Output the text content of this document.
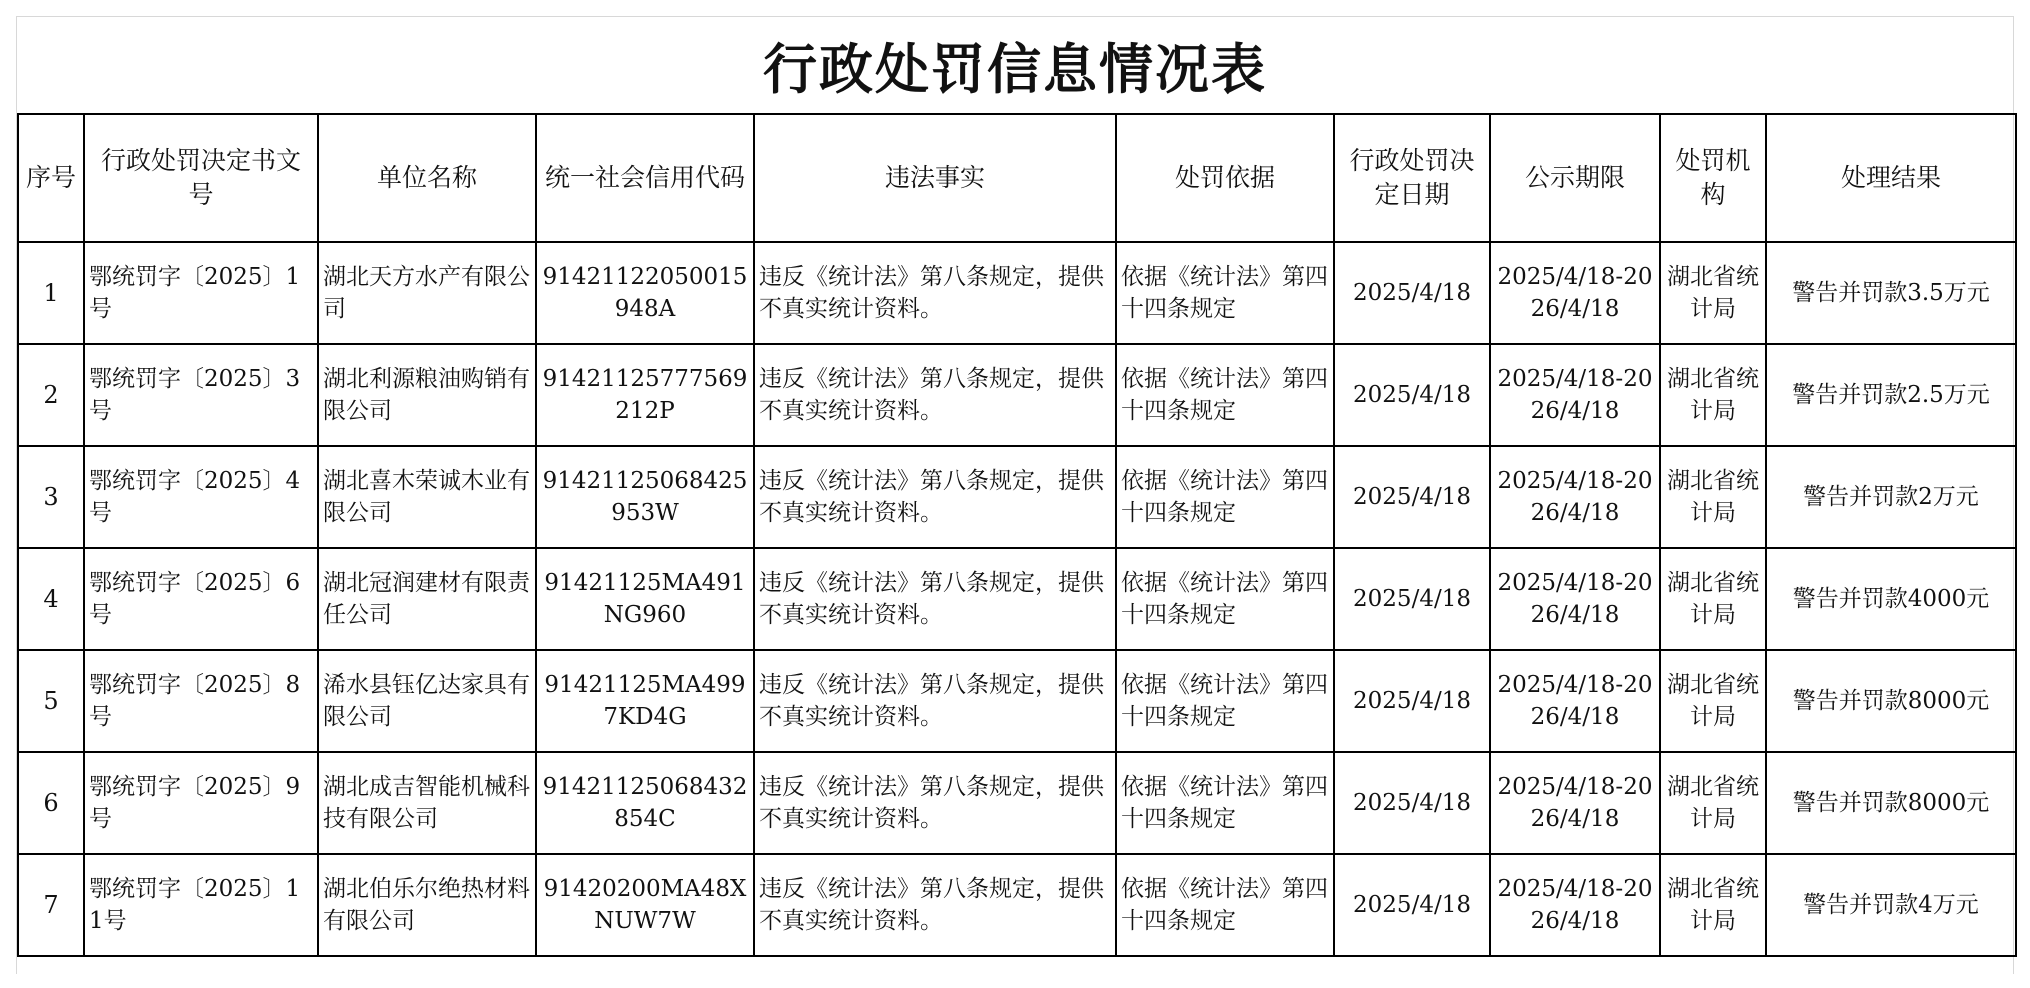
行政处罚信息情况表
序号	行政处罚决定书文号	单位名称	统一社会信用代码	违法事实	处罚依据	行政处罚决定日期	公示期限	处罚机构	处理结果
1	鄂统罚字〔2025〕1号	湖北天方水产有限公司	91421122050015948A	违反《统计法》第八条规定，提供不真实统计资料。	依据《统计法》第四十四条规定	2025/4/18	2025/4/18-2026/4/18	湖北省统计局	警告并罚款3.5万元
2	鄂统罚字〔2025〕3号	湖北利源粮油购销有限公司	91421125777569212P	违反《统计法》第八条规定，提供不真实统计资料。	依据《统计法》第四十四条规定	2025/4/18	2025/4/18-2026/4/18	湖北省统计局	警告并罚款2.5万元
3	鄂统罚字〔2025〕4号	湖北喜木荣诚木业有限公司	91421125068425953W	违反《统计法》第八条规定，提供不真实统计资料。	依据《统计法》第四十四条规定	2025/4/18	2025/4/18-2026/4/18	湖北省统计局	警告并罚款2万元
4	鄂统罚字〔2025〕6号	湖北冠润建材有限责任公司	91421125MA491NG960	违反《统计法》第八条规定，提供不真实统计资料。	依据《统计法》第四十四条规定	2025/4/18	2025/4/18-2026/4/18	湖北省统计局	警告并罚款4000元
5	鄂统罚字〔2025〕8号	浠水县钰亿达家具有限公司	91421125MA4997KD4G	违反《统计法》第八条规定，提供不真实统计资料。	依据《统计法》第四十四条规定	2025/4/18	2025/4/18-2026/4/18	湖北省统计局	警告并罚款8000元
6	鄂统罚字〔2025〕9号	湖北成吉智能机械科技有限公司	91421125068432854C	违反《统计法》第八条规定，提供不真实统计资料。	依据《统计法》第四十四条规定	2025/4/18	2025/4/18-2026/4/18	湖北省统计局	警告并罚款8000元
7	鄂统罚字〔2025〕11号	湖北伯乐尔绝热材料有限公司	91420200MA48XNUW7W	违反《统计法》第八条规定，提供不真实统计资料。	依据《统计法》第四十四条规定	2025/4/18	2025/4/18-2026/4/18	湖北省统计局	警告并罚款4万元
